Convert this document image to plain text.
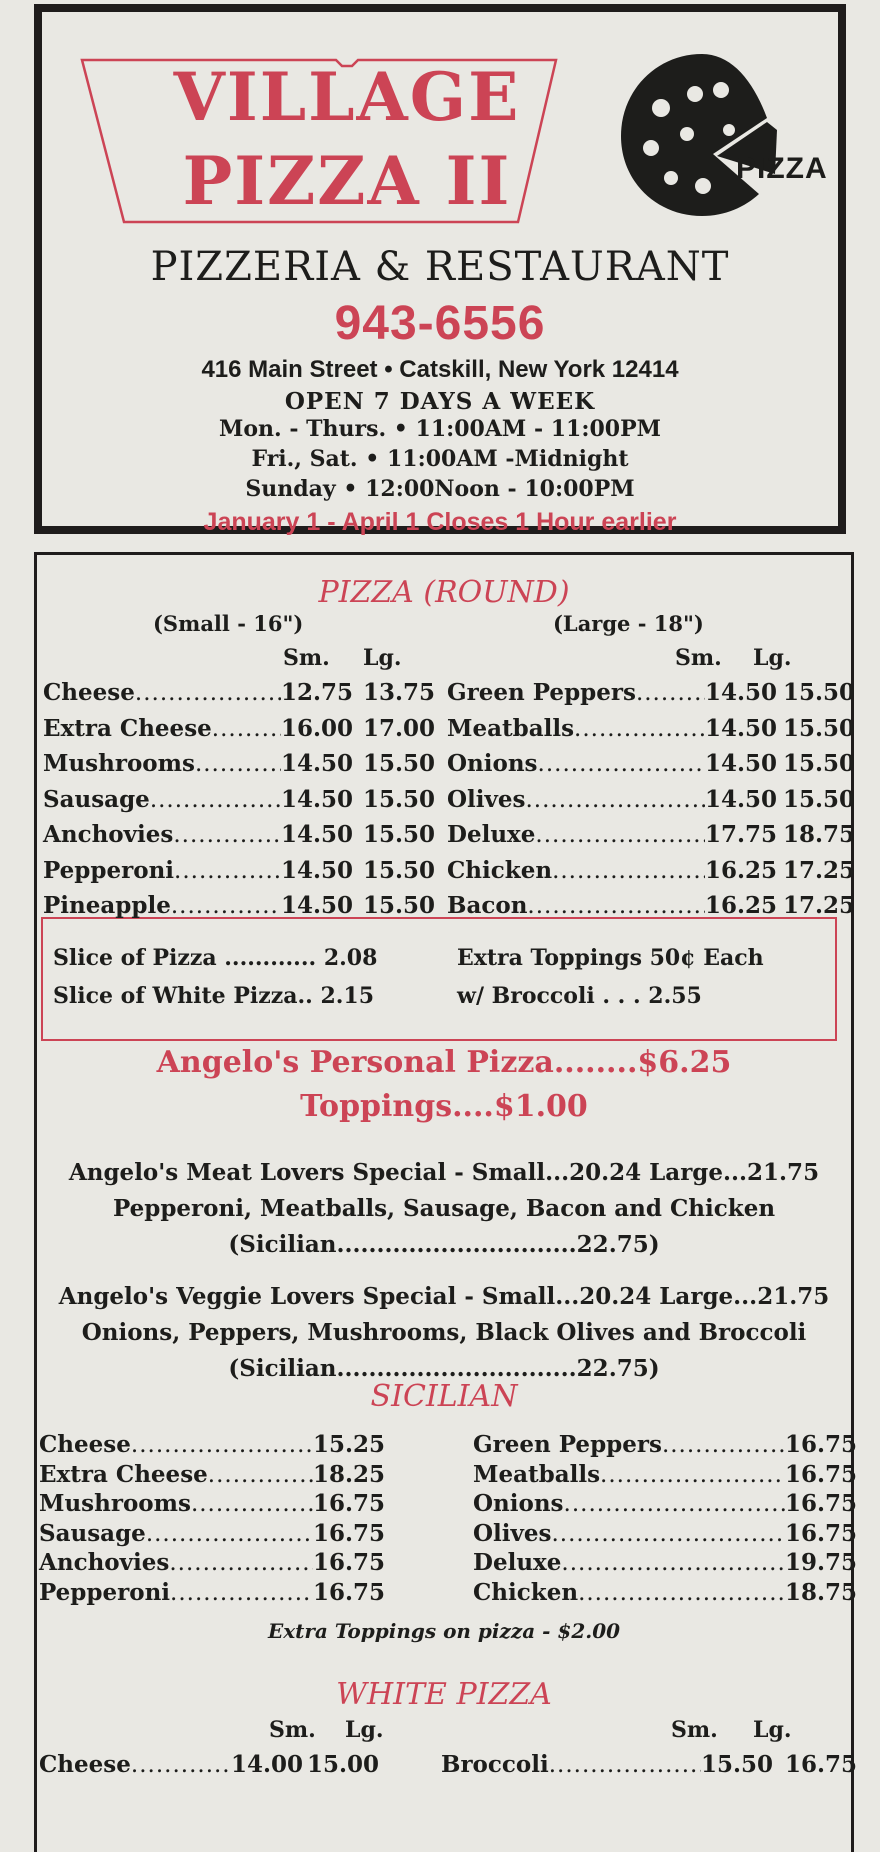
VILLAGE
PIZZA II	PIZZA
PIZZERIA & RESTAURANT
943-6556
416 Main Street • Catskill, New York 12414
OPEN 7 DAYS A WEEK
Mon. - Thurs. • 11:00AM - 11:00PM
Fri., Sat. • 11:00AM -Midnight
Sunday • 12:00Noon - 10:00PM
January 1 - April 1 Closes 1 Hour earlier
PIZZA (ROUND)
(Small - 16")	(Large - 18")
Sm. Lg.	Sm. Lg.
Slice of Pizza ............ 2.08
Slice of White Pizza.. 2.15
Extra Toppings 50¢ Each
w/ Broccoli . . . 2.55
Angelo's Personal Pizza........$6.25
Toppings....$1.00
Angelo's Meat Lovers Special - Small...20.24 Large...21.75
Pepperoni, Meatballs, Sausage, Bacon and Chicken
(Sicilian..............................22.75)
Angelo's Veggie Lovers Special - Small...20.24 Large...21.75
Onions, Peppers, Mushrooms, Black Olives and Broccoli
(Sicilian..............................22.75)
SICILIAN
Extra Toppings on pizza - $2.00
WHITE PIZZA
Sm. Lg.	Sm. Lg.
Cheese .....	12.75 13.75
Extra Cheese .....	16.00 17.00
Mushrooms .....	14.50 15.50
Sausage .....	14.50 15.50
Anchovies .....	14.50 15.50
Pepperoni .....	14.50 15.50
Pineapple .....	14.50 15.50
Green Peppers .....	14.50 15.50
Meatballs .....	14.50 15.50
Onions .....	14.50 15.50
Olives .....	14.50 15.50
Deluxe .....	17.75 18.75
Chicken .....	16.25 17.25
Bacon .....	16.25 17.25
Cheese .....	15.25
Extra Cheese .....	18.25
Mushrooms .....	16.75
Sausage .....	16.75
Anchovies .....	16.75
Pepperoni .....	16.75
Green Peppers .....	16.75
Meatballs .....	16.75
Onions .....	16.75
Olives .....	16.75
Deluxe .....	19.75
Chicken .....	18.75
Cheese .....	14.00 15.00	Broccoli .....	15.50 16.75
